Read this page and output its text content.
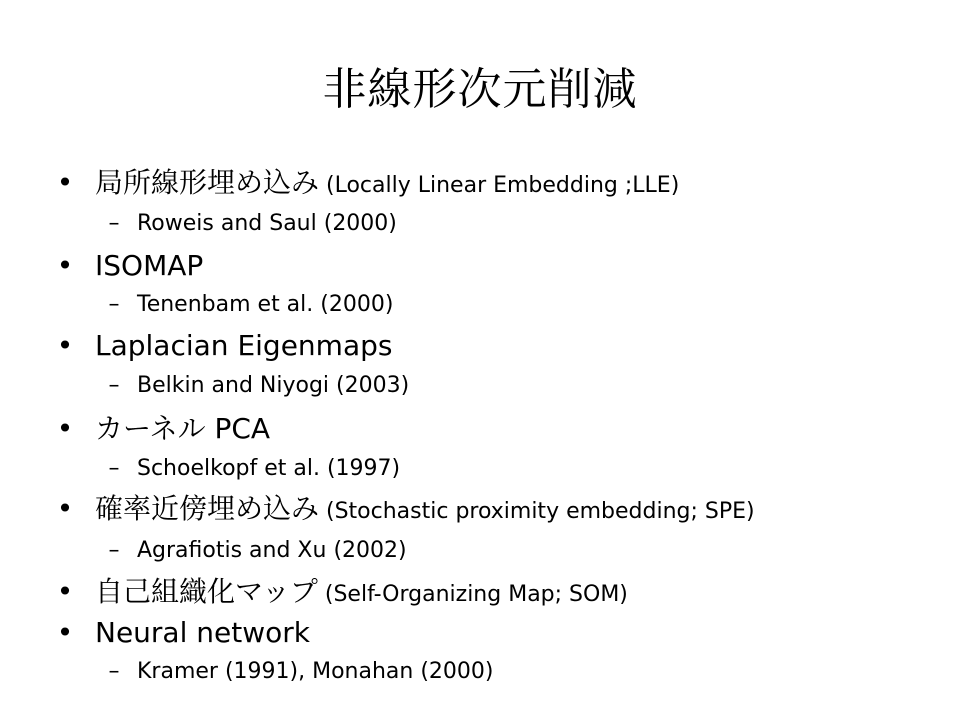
非線形次元削減
• 局所線形埋め込み (Locally Linear Embedding ;LLE)
– Roweis and Saul (2000)
• ISOMAP
– Tenenbam et al. (2000)
• Laplacian Eigenmaps
– Belkin and Niyogi (2003)
• カーネル PCA
– Schoelkopf et al. (1997)
• 確率近傍埋め込み (Stochastic proximity embedding; SPE)
– Agrafiotis and Xu (2002)
• 自己組織化マップ (Self-Organizing Map; SOM)
• Neural network
– Kramer (1991), Monahan (2000)
